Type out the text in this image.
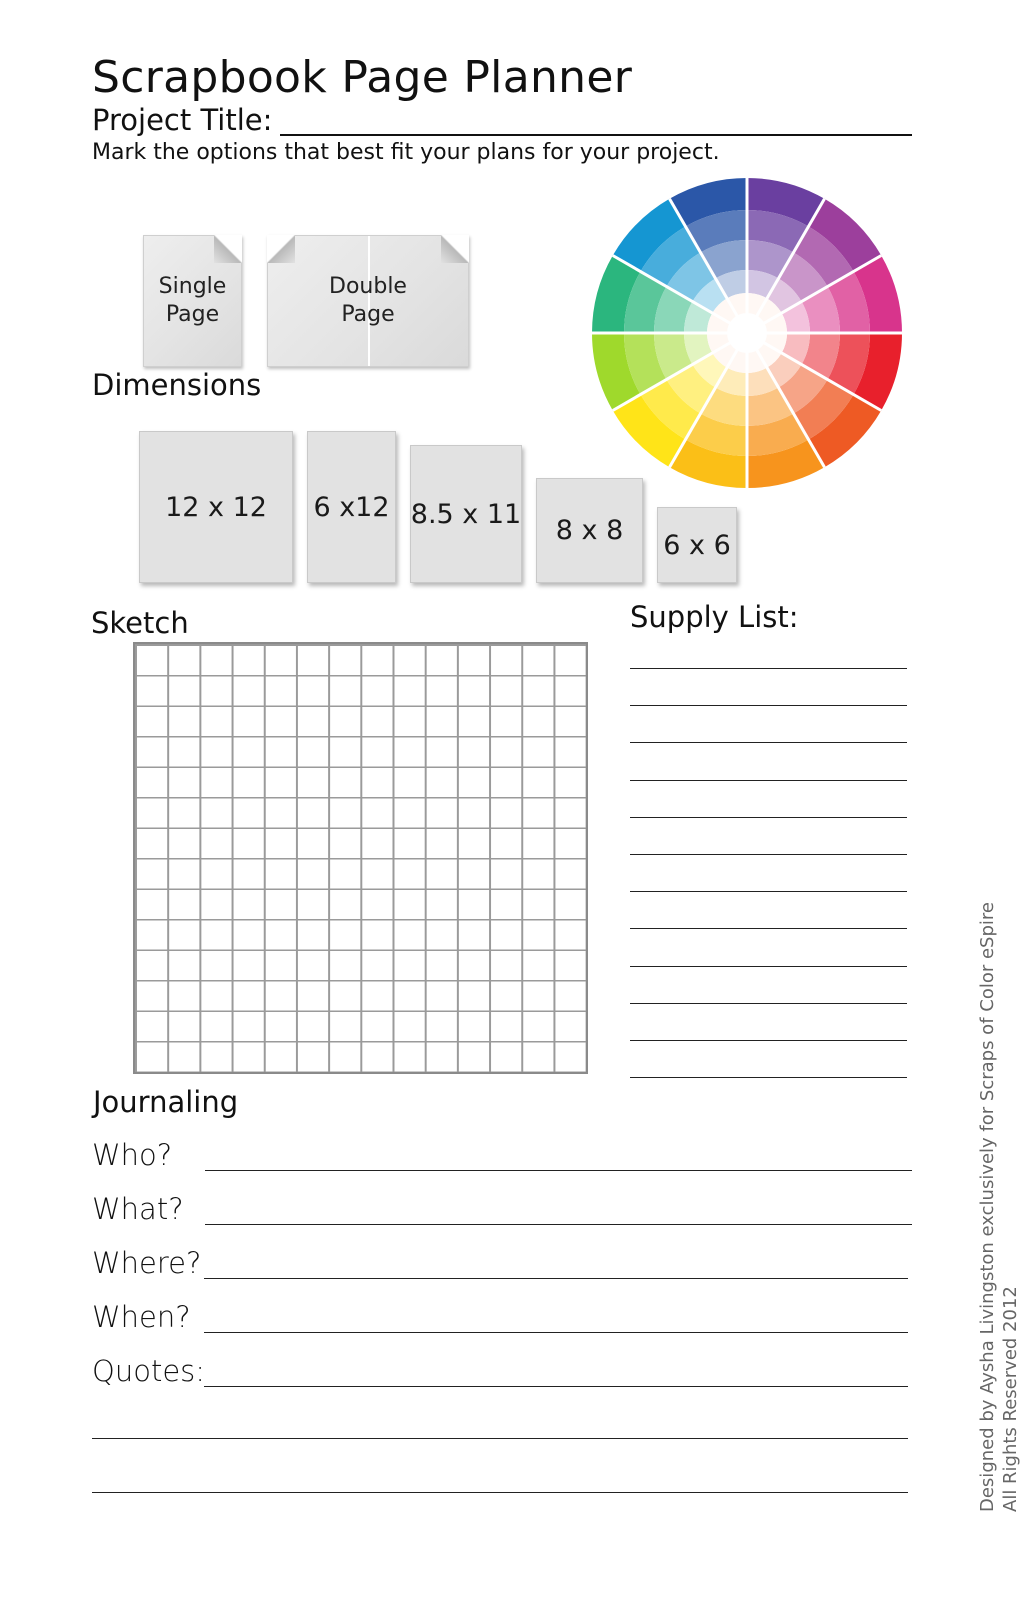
Scrapbook Page Planner
Project Title:
Mark the options that best fit your plans for your project.
Single
Page
Double
Page
Dimensions
12 x 12 6 x12 8.5 x 11
8 x 8 6 x 6
Sketch	Supply List:
Journaling
Who?
What?
Where?
When?
Quotes:	Designed by Aysha Livingston exclusively for Scraps of Color eSpire All Rights Reserved 2012
